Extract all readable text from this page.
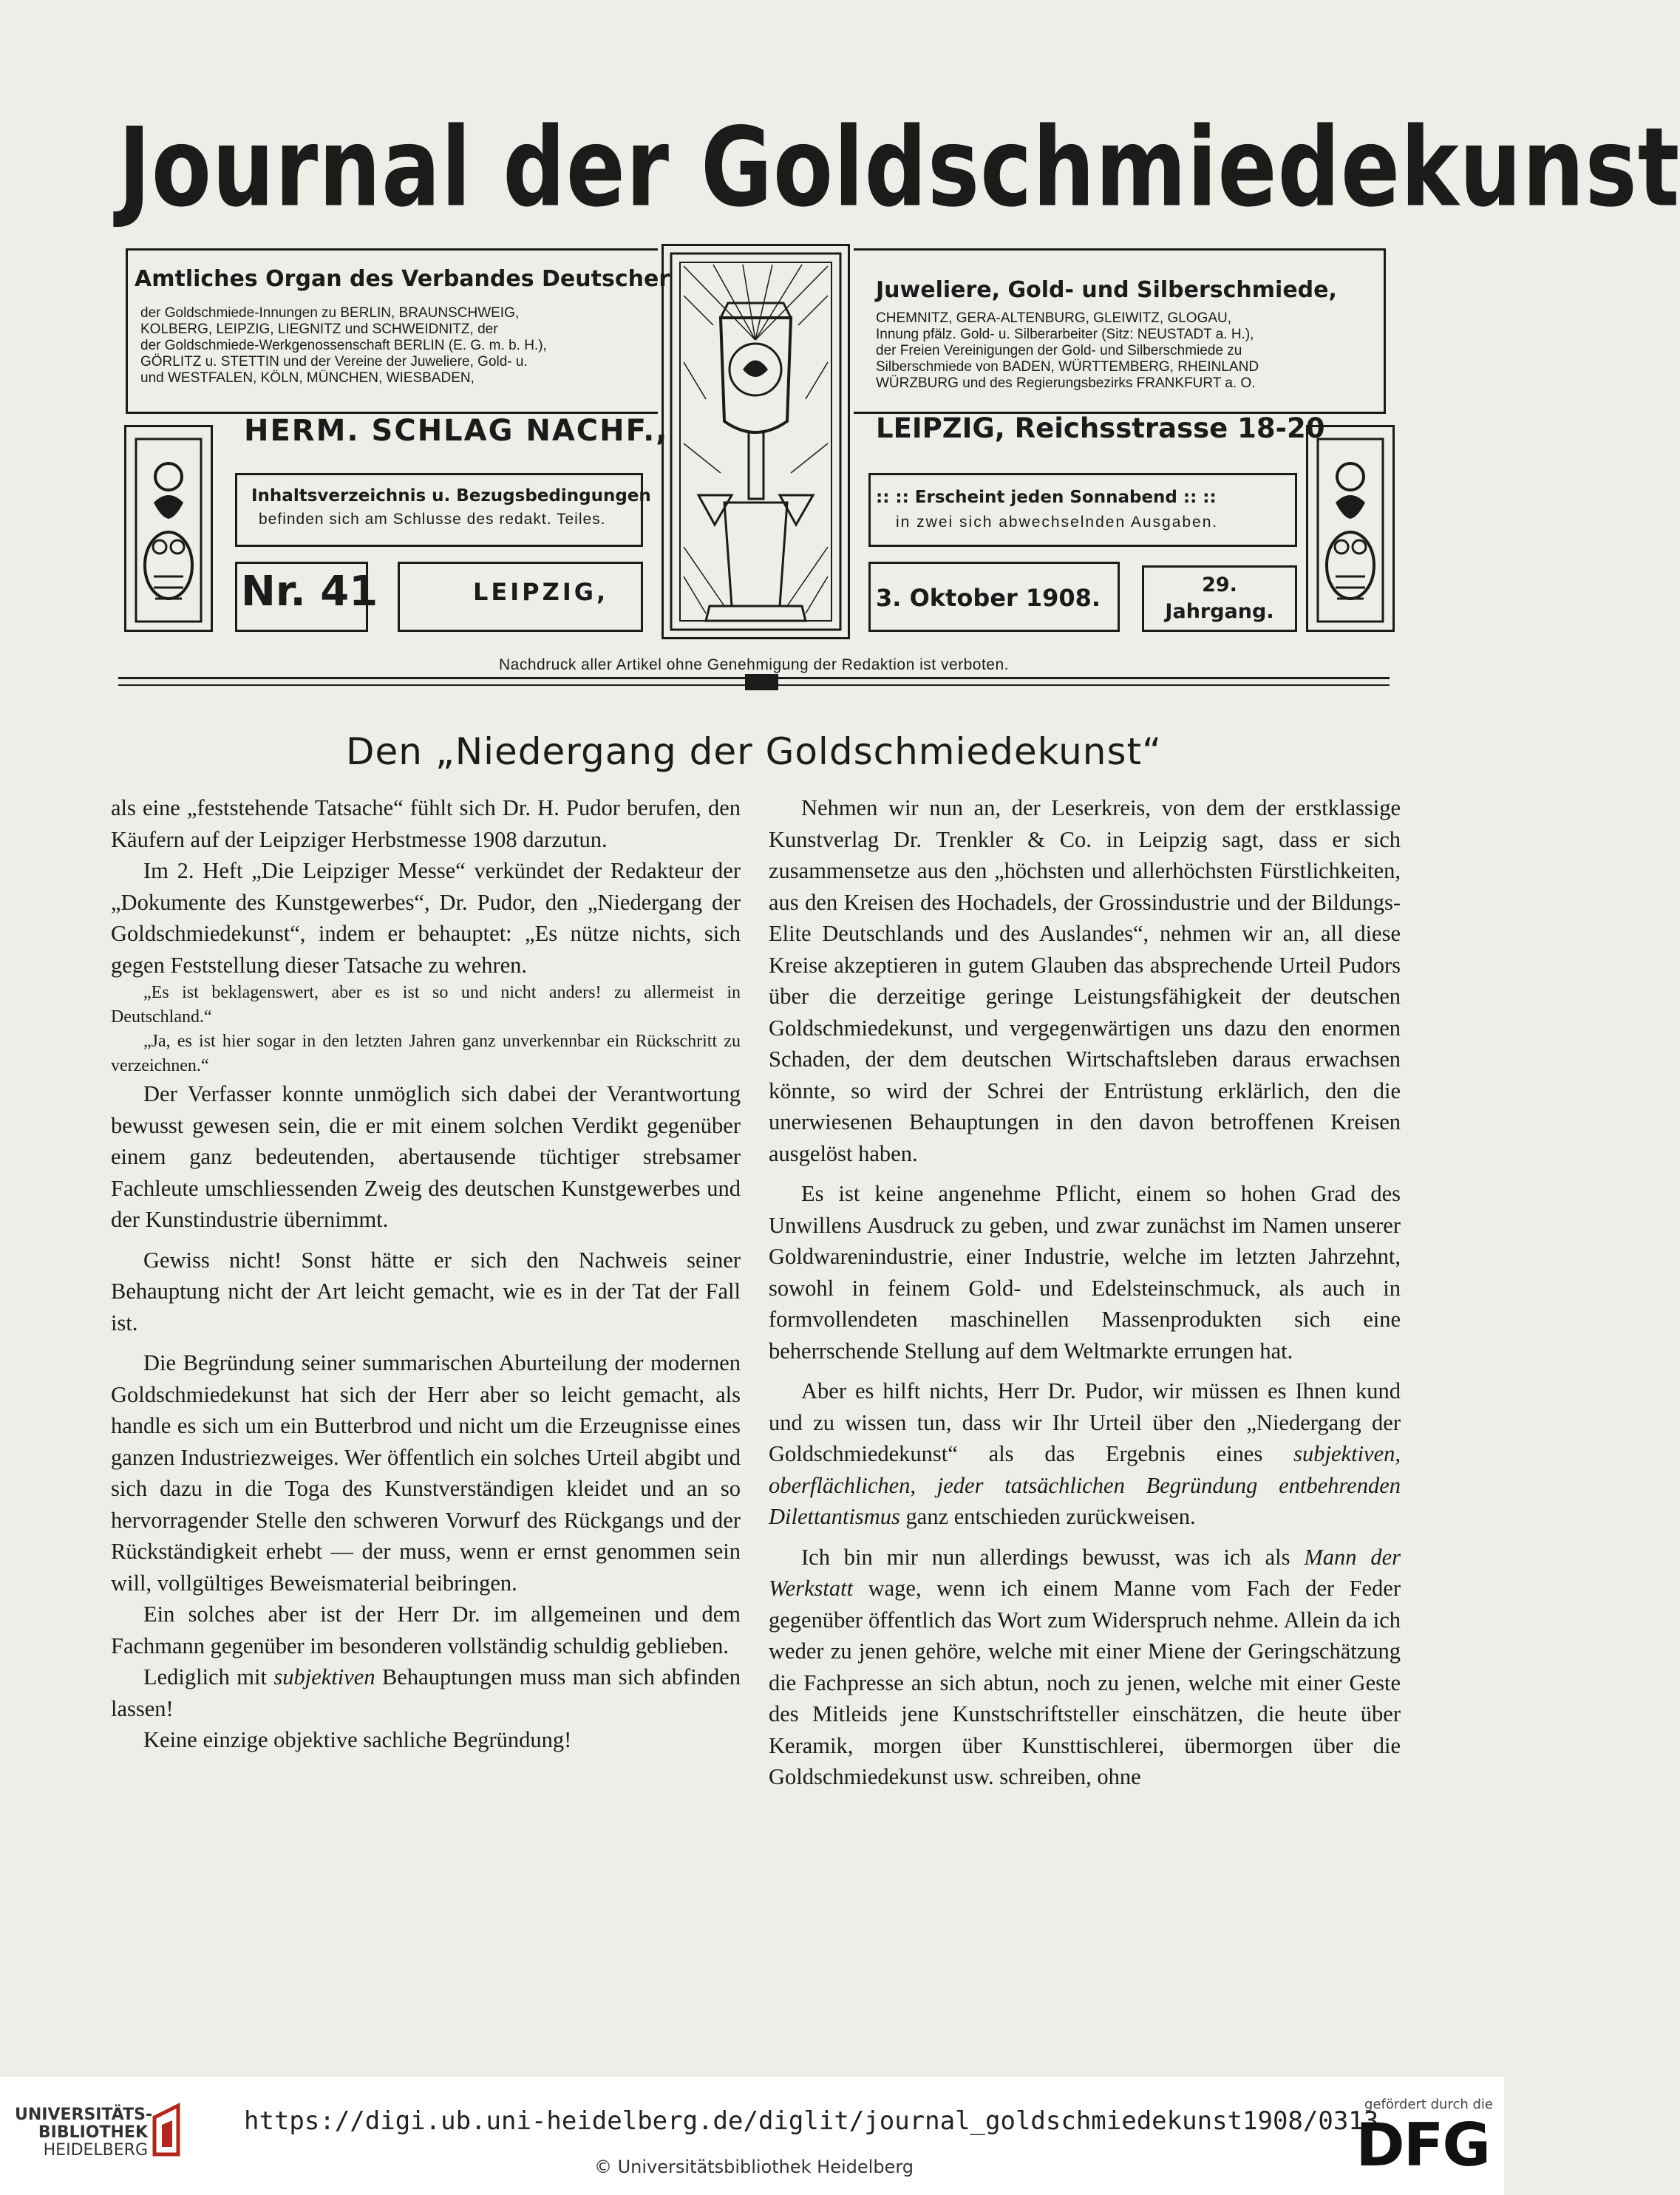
Journal der Goldschmiedekunst
Amtliches Organ des Verbandes Deutscher
der Goldschmiede-Innungen zu BERLIN, BRAUNSCHWEIG,
KOLBERG, LEIPZIG, LIEGNITZ und SCHWEIDNITZ, der
der Goldschmiede-Werkgenossenschaft BERLIN (E. G. m. b. H.),
GÖRLITZ u. STETTIN und der Vereine der Juweliere, Gold- u.
und WESTFALEN, KÖLN, MÜNCHEN, WIESBADEN,
HERM. SCHLAG NACHF.,
Inhaltsverzeichnis u. Bezugsbedingungen
befinden sich am Schlusse des redakt. Teiles.
Nr. 41	LEIPZIG,
Juweliere, Gold- und Silberschmiede,
CHEMNITZ, GERA-ALTENBURG, GLEIWITZ, GLOGAU,
Innung pfälz. Gold- u. Silberarbeiter (Sitz: NEUSTADT a. H.),
der Freien Vereinigungen der Gold- und Silberschmiede zu
Silberschmiede von BADEN, WÜRTTEMBERG, RHEINLAND
WÜRZBURG und des Regierungsbezirks FRANKFURT a. O.
LEIPZIG, Reichsstrasse 18-20
:: :: Erscheint jeden Sonnabend :: ::
in zwei sich abwechselnden Ausgaben.
3. Oktober 1908.	29.
Jahrgang.
Nachdruck aller Artikel ohne Genehmigung der Redaktion ist verboten.
Den „Niedergang der Goldschmiedekunst“

als eine „feststehende Tatsache“ fühlt sich Dr. H. Pudor berufen, den Käufern auf der Leipziger Herbstmesse 1908 darzutun.

Im 2. Heft „Die Leipziger Messe“ verkündet der Redakteur der „Dokumente des Kunstgewerbes“, Dr. Pudor, den „Niedergang der Goldschmiedekunst“, indem er behauptet: „Es nütze nichts, sich gegen Feststellung dieser Tatsache zu wehren.

„Es ist beklagenswert, aber es ist so und nicht anders! zu allermeist in Deutschland.“

„Ja, es ist hier sogar in den letzten Jahren ganz unverkennbar ein Rückschritt zu verzeichnen.“

Der Verfasser konnte unmöglich sich dabei der Verantwortung bewusst gewesen sein, die er mit einem solchen Verdikt gegenüber einem ganz bedeutenden, abertausende tüchtiger strebsamer Fachleute umschliessenden Zweig des deutschen Kunstgewerbes und der Kunstindustrie übernimmt.

Gewiss nicht! Sonst hätte er sich den Nachweis seiner Behauptung nicht der Art leicht gemacht, wie es in der Tat der Fall ist.

Die Begründung seiner summarischen Aburteilung der modernen Goldschmiedekunst hat sich der Herr aber so leicht gemacht, als handle es sich um ein Butterbrod und nicht um die Erzeugnisse eines ganzen Industriezweiges. Wer öffentlich ein solches Urteil abgibt und sich dazu in die Toga des Kunstverständigen kleidet und an so hervorragender Stelle den schweren Vorwurf des Rückgangs und der Rückständigkeit erhebt — der muss, wenn er ernst genommen sein will, vollgültiges Beweismaterial beibringen.

Ein solches aber ist der Herr Dr. im allgemeinen und dem Fachmann gegenüber im besonderen vollständig schuldig geblieben.

Lediglich mit subjektiven Behauptungen muss man sich abfinden lassen!

Keine einzige objektive sachliche Begründung!

Nehmen wir nun an, der Leserkreis, von dem der erstklassige Kunstverlag Dr. Trenkler & Co. in Leipzig sagt, dass er sich zusammensetze aus den „höchsten und allerhöchsten Fürstlichkeiten, aus den Kreisen des Hochadels, der Grossindustrie und der Bildungs-Elite Deutschlands und des Auslandes“, nehmen wir an, all diese Kreise akzeptieren in gutem Glauben das absprechende Urteil Pudors über die derzeitige geringe Leistungsfähigkeit der deutschen Goldschmiedekunst, und vergegenwärtigen uns dazu den enormen Schaden, der dem deutschen Wirtschaftsleben daraus erwachsen könnte, so wird der Schrei der Entrüstung erklärlich, den die unerwiesenen Behauptungen in den davon betroffenen Kreisen ausgelöst haben.

Es ist keine angenehme Pflicht, einem so hohen Grad des Unwillens Ausdruck zu geben, und zwar zunächst im Namen unserer Goldwarenindustrie, einer Industrie, welche im letzten Jahrzehnt, sowohl in feinem Gold- und Edelsteinschmuck, als auch in formvollendeten maschinellen Massenprodukten sich eine beherrschende Stellung auf dem Weltmarkte errungen hat.

Aber es hilft nichts, Herr Dr. Pudor, wir müssen es Ihnen kund und zu wissen tun, dass wir Ihr Urteil über den „Niedergang der Goldschmiedekunst“ als das Ergebnis eines subjektiven, oberflächlichen, jeder tatsächlichen Begründung entbehrenden Dilettantismus ganz entschieden zurückweisen.

Ich bin mir nun allerdings bewusst, was ich als Mann der Werkstatt wage, wenn ich einem Manne vom Fach der Feder gegenüber öffentlich das Wort zum Widerspruch nehme. Allein da ich weder zu jenen gehöre, welche mit einer Miene der Geringschätzung die Fachpresse an sich abtun, noch zu jenen, welche mit einer Geste des Mitleids jene Kunstschriftsteller einschätzen, die heute über Keramik, morgen über Kunsttischlerei, übermorgen über die Goldschmiedekunst usw. schreiben, ohne

UNIVERSITÄTS-
BIBLIOTHEK
HEIDELBERG
https://digi.ub.uni-heidelberg.de/diglit/journal_goldschmiedekunst1908/0313
© Universitätsbibliothek Heidelberg
gefördert durch die
DFG
